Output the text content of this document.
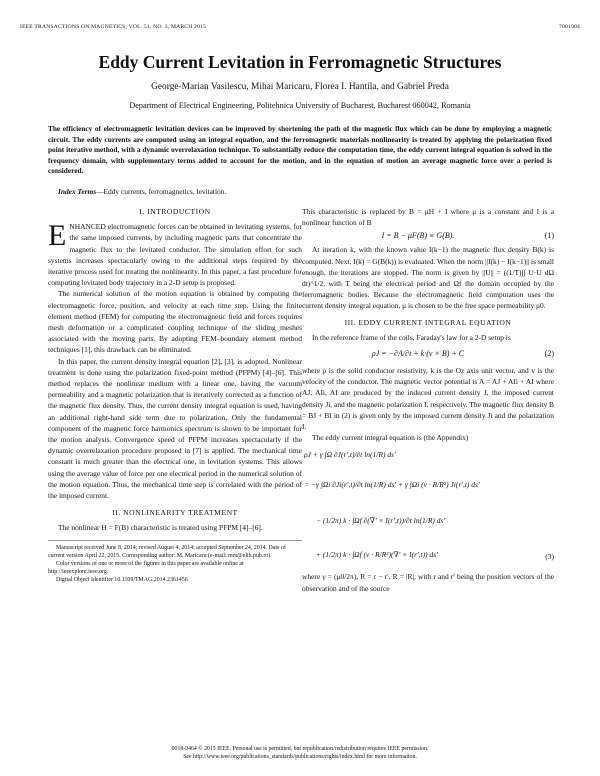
IEEE TRANSACTIONS ON MAGNETICS, VOL. 51, NO. 3, MARCH 2015	7001904
Eddy Current Levitation in Ferromagnetic Structures
George-Marian Vasilescu, Mihai Maricaru, Florea I. Hantila, and Gabriel Preda
Department of Electrical Engineering, Politehnica University of Bucharest, Bucharest 060042, Romania
The efficiency of electromagnetic levitation devices can be improved by shortening the path of the magnetic flux which can be done by employing a magnetic circuit. The eddy currents are computed using an integral equation, and the ferromagnetic materials nonlinearity is treated by applying the polarization fixed point iterative method, with a dynamic overrelaxation technique. To substantially reduce the computation time, the eddy current integral equation is solved in the frequency domain, with supplementary terms added to account for the motion, and in the equation of motion an average magnetic force over a period is considered.
Index Terms—Eddy currents, ferromagnetics, levitation.
I. INTRODUCTION

ENHANCED electromagnetic forces can be obtained in levitating systems, for the same imposed currents, by including magnetic parts that concentrate the magnetic flux to the levitated conductor. The simulation effort for such systems increases spectacularly owing to the additional steps required by the iterative process used for treating the nonlinearity. In this paper, a fast procedure for computing levitated body trajectory in a 2-D setup is proposed.

The numerical solution of the motion equation is obtained by computing the electromagnetic force, position, and velocity at each time step. Using the finite element method (FEM) for computing the electromagnetic field and forces requires mesh deformation or a complicated coupling technique of the sliding meshes associated with the moving parts. By adopting FEM–boundary element method techniques [1], this drawback can be eliminated.

In this paper, the current density integral equation [2], [3], is adopted. Nonlinear treatment is done using the polarization fixed-point method (PFPM) [4]–[6]. This method replaces the nonlinear medium with a linear one, having the vacuum permeability and a magnetic polarization that is iteratively corrected as a function of the magnetic flux density. Thus, the current density integral equation is used, having an additional right-hand side term due to polarization. Only the fundamental component of the magnetic force harmonics spectrum is shown to be important for the motion analysis. Convergence speed of PFPM increases spectacularly if the dynamic overrelaxation procedure proposed in [7] is applied. The mechanical time constant is much greater than the electrical one, in levitation systems. This allows using the average value of force per one electrical period in the numerical solution of the motion equation. Thus, the mechanical time step is correlated with the period of the imposed current.

II. NONLINEARITY TREATMENT

The nonlinear H = F(B) characteristic is treated using PFPM [4]–[6].

Manuscript received June 8, 2014; revised August 4, 2014; accepted September 24, 2014. Date of current version April 22, 2015. Corresponding author: M. Maricaru (e-mail: mm@elth.pub.ro).
Color versions of one or more of the figures in this paper are available online at http://ieeexplore.ieee.org.
Digital Object Identifier 10.1109/TMAG.2014.2361456

This characteristic is replaced by B = μH + I where μ is a constant and I is a nonlinear function of B

I = B − μF(B) ≡ G(B).	(1)

At iteration k, with the known value I(k−1) the magnetic flux density B(k) is computed. Next, I(k) = G(B(k)) is evaluated. When the norm ||I(k) − I(k−1)|| is small enough, the iterations are stopped. The norm is given by ||U|| = ((1/T)∫∫ U·U dΩ dt)^1/2, with T being the electrical period and Ωf the domain occupied by the ferromagnetic bodies. Because the electromagnetic field computation uses the current density integral equation, μ is chosen to be the free space permeability μ0.

III. EDDY CURRENT INTEGRAL EQUATION

In the reference frame of the coils, Faraday's law for a 2-D setup is

ρJ = −∂A/∂t + k·(v × B) + C	(2)

where ρ is the solid conductor resistivity, k is the Oz axis unit vector, and v is the velocity of the conductor. The magnetic vector potential is A = AJ + AIi + AI where AJ, AIi, AI are produced by the induced current density J, the imposed current density Ji, and the magnetic polarization I, respectively. The magnetic flux density B = BJ + BI in (2) is given only by the imposed current density Ji and the polarization I.

The eddy current integral equation is (the Appendix)

ρJ + γ ∫Ω ∂J(r′,t)/∂t ln(1/R) ds′
= −γ ∫Ωi ∂Ji(r′,t)/∂t ln(1/R) ds′ + γ ∫Ωi (v · R/R²) Ji(r′,t) ds′
− (1/2π) k · ∫Ωf ∂(∇′ × I(r′,t))/∂t ln(1/R) ds′
+ (1/2π) k · ∫Ωf (v · R/R²)(∇′ × I(r′,t)) ds′	(3)

where γ = (μ0/2π), R = r − r′, R = |R|, with r and r′ being the position vectors of the observation and of the source

0018-9464 © 2015 IEEE. Personal use is permitted, but republication/redistribution requires IEEE permission.
See http://www.ieee.org/publications_standards/publications/rights/index.html for more information.
